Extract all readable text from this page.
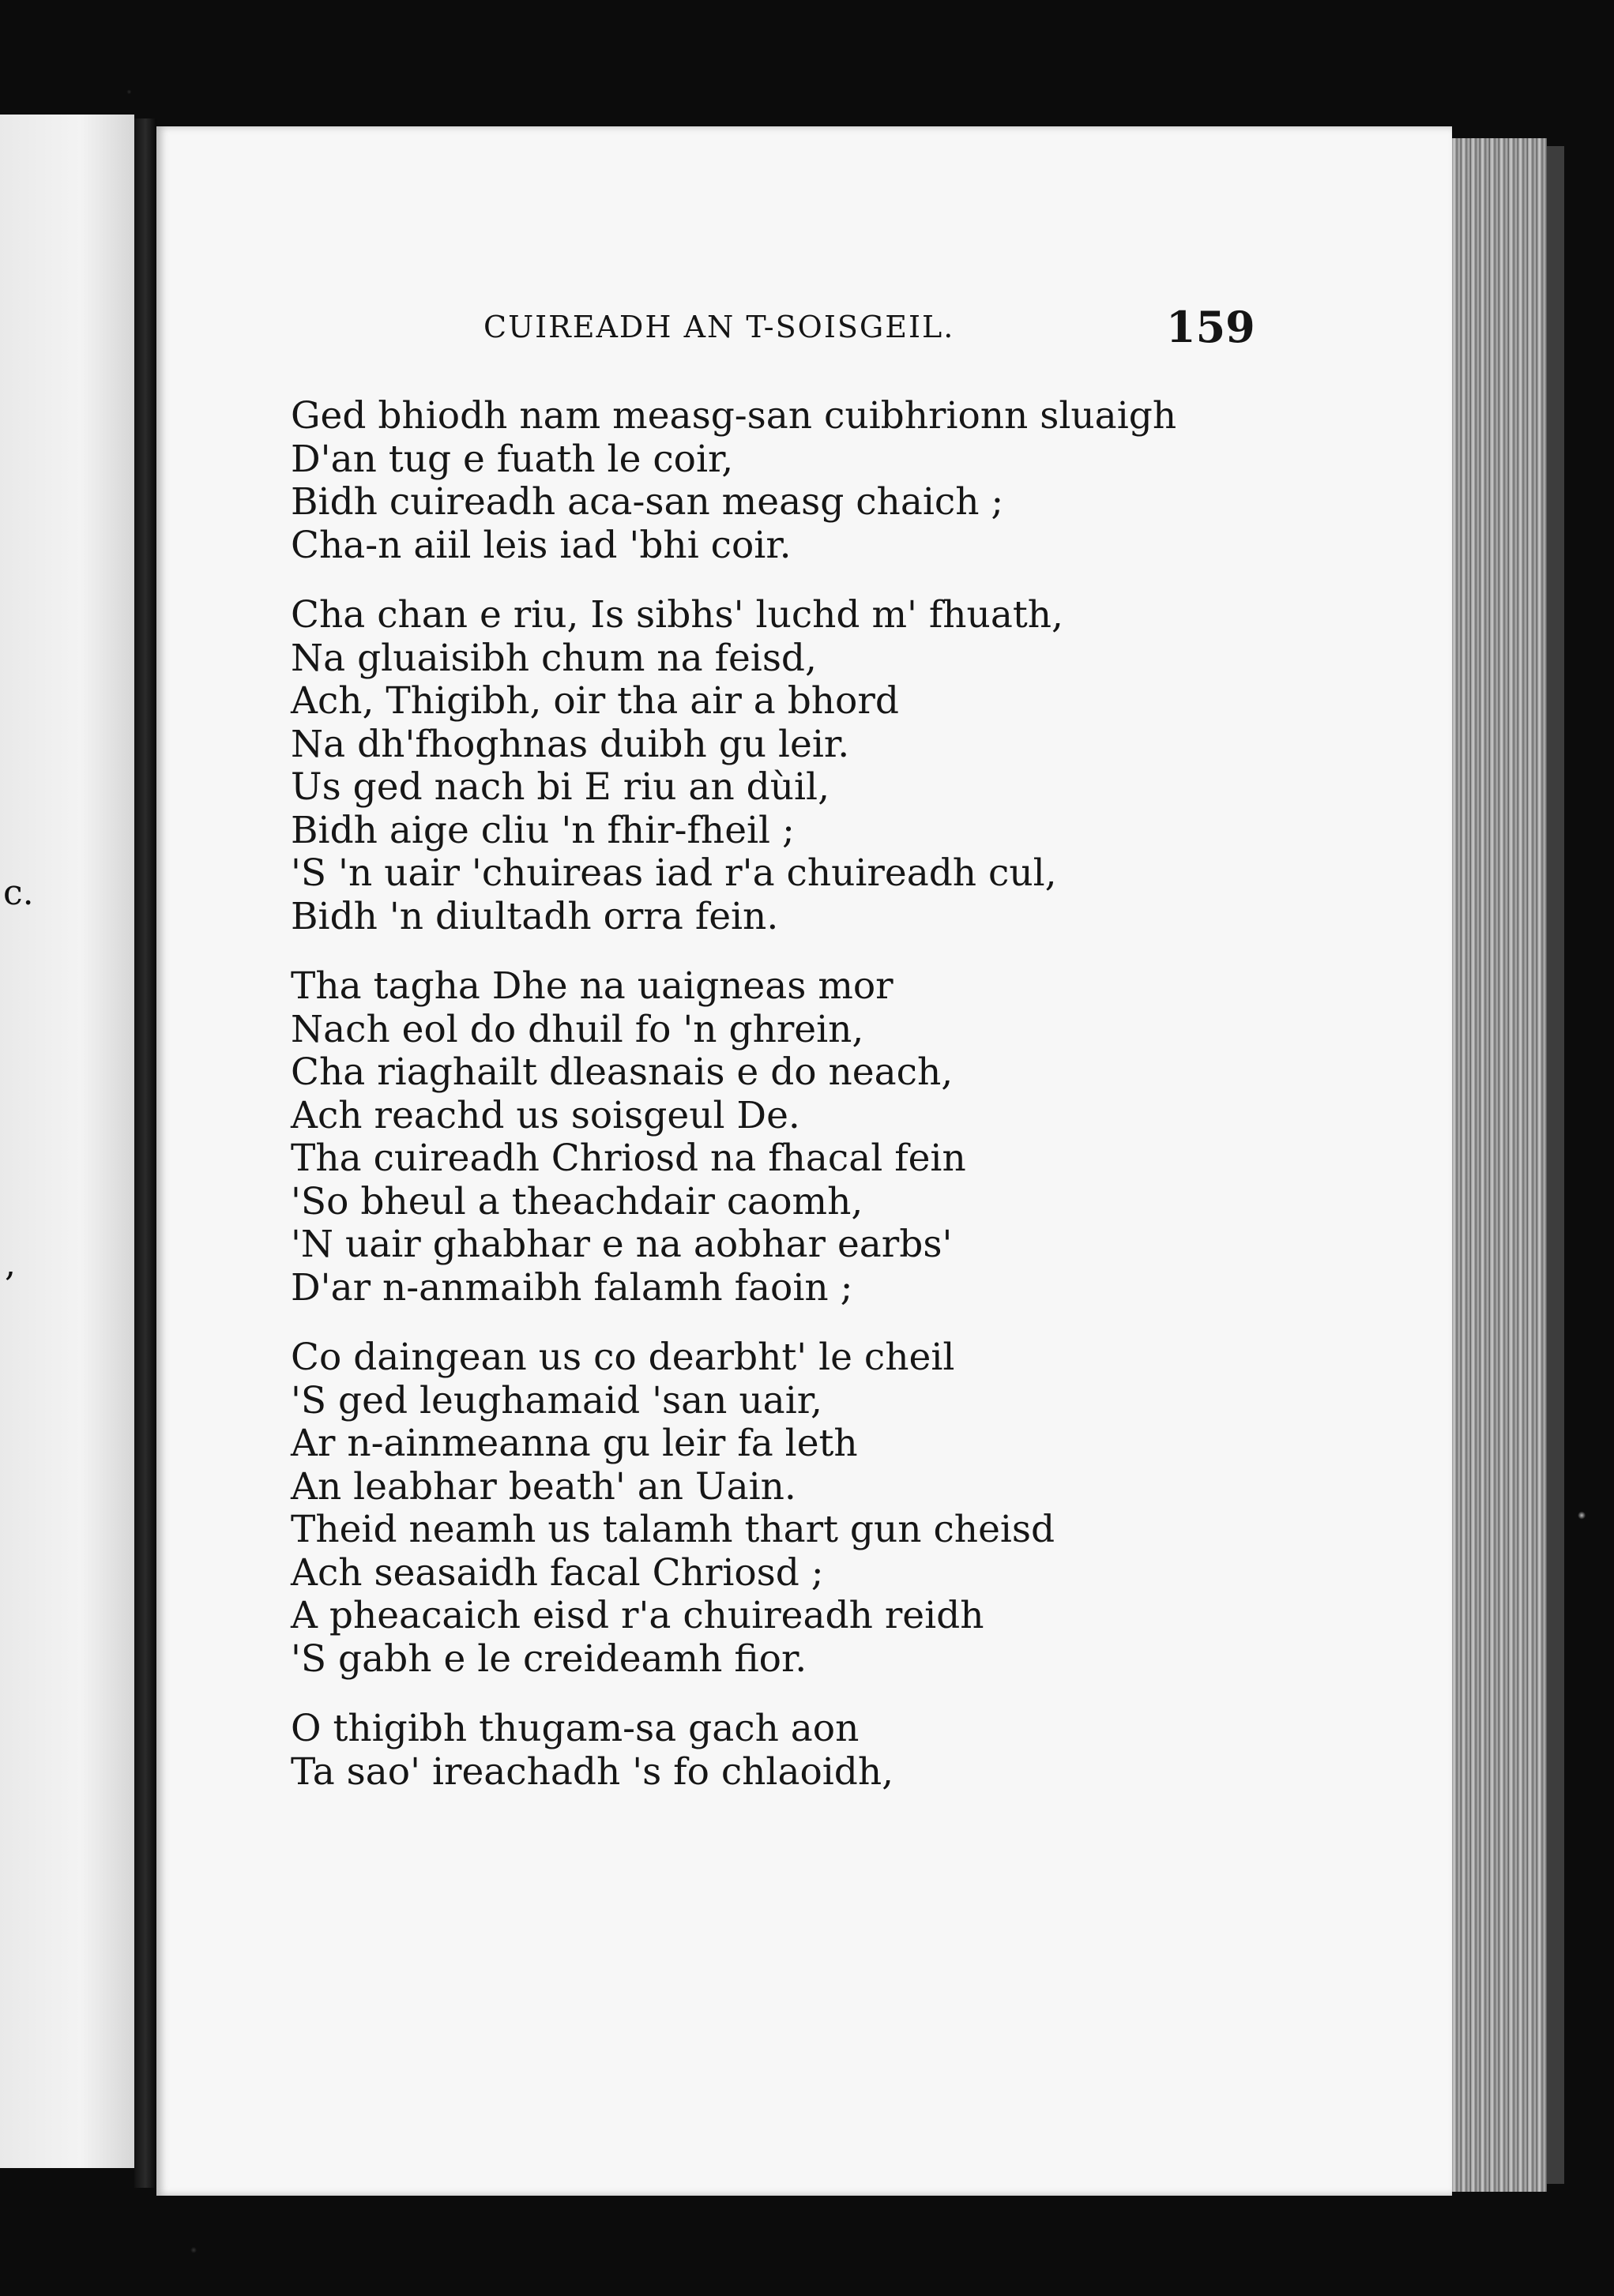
c.
,
CUIREADH AN T-SOISGEIL.	159
Ged bhiodh nam measg-san cuibhrionn sluaigh
D'an tug e fuath le coir,
Bidh cuireadh aca-san measg chaich ;
Cha-n aiil leis iad 'bhi coir.
Cha chan e riu, Is sibhs' luchd m' fhuath,
Na gluaisibh chum na feisd,
Ach, Thigibh, oir tha air a bhord
Na dh'fhoghnas duibh gu leir.
Us ged nach bi E riu an dùil,
Bidh aige cliu 'n fhir-fheil ;
'S 'n uair 'chuireas iad r'a chuireadh cul,
Bidh 'n diultadh orra fein.
Tha tagha Dhe na uaigneas mor
Nach eol do dhuil fo 'n ghrein,
Cha riaghailt dleasnais e do neach,
Ach reachd us soisgeul De.
Tha cuireadh Chriosd na fhacal fein
'So bheul a theachdair caomh,
'N uair ghabhar e na aobhar earbs'
D'ar n-anmaibh falamh faoin ;
Co daingean us co dearbht' le cheil
'S ged leughamaid 'san uair,
Ar n-ainmeanna gu leir fa leth
An leabhar beath' an Uain.
Theid neamh us talamh thart gun cheisd
Ach seasaidh facal Chriosd ;
A pheacaich eisd r'a chuireadh reidh
'S gabh e le creideamh fior.
O thigibh thugam-sa gach aon
Ta sao' ireachadh 's fo chlaoidh,
